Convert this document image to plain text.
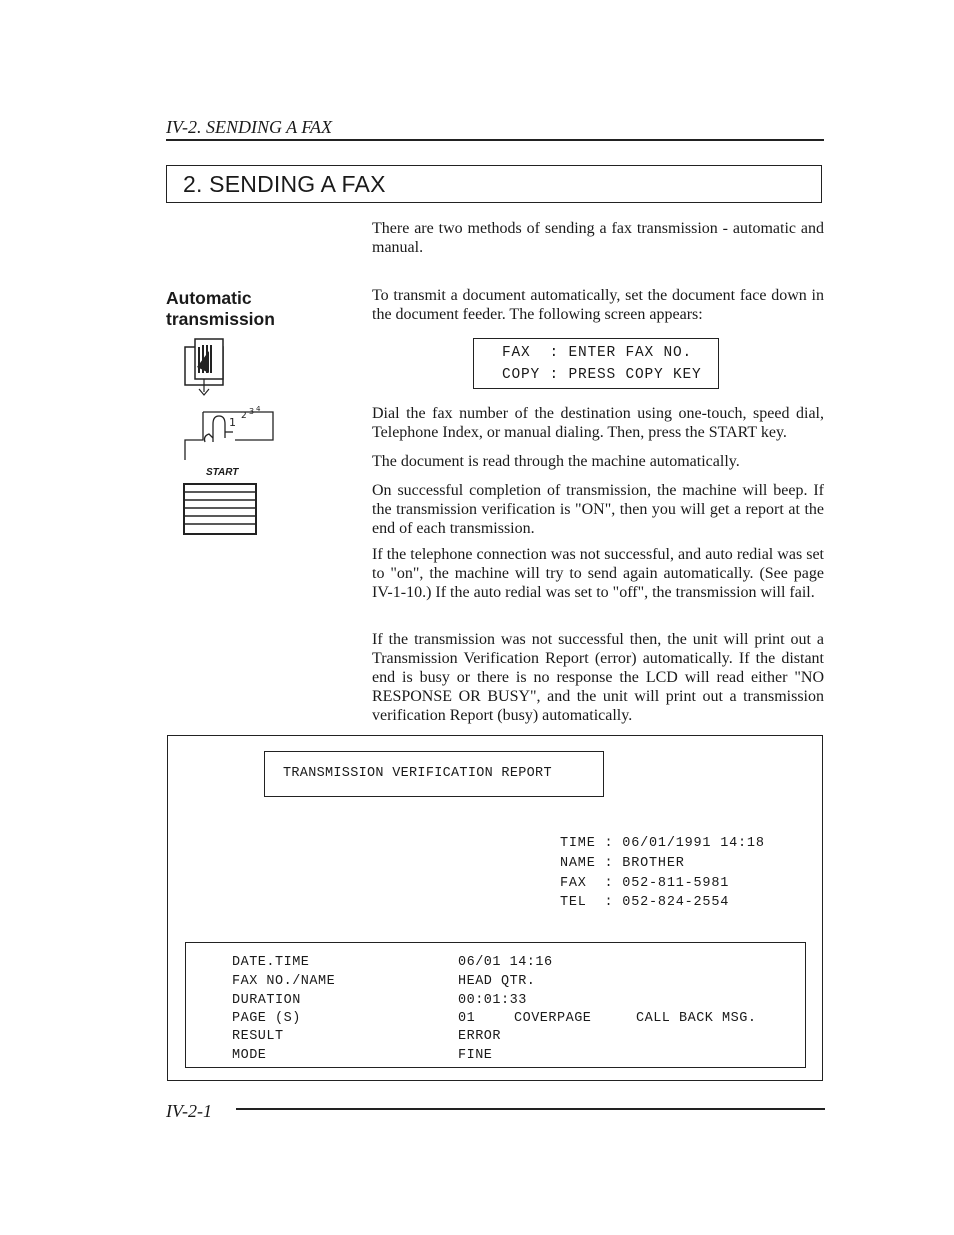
IV-2. SENDING A FAX
2. SENDING A FAX
There are two methods of sending a fax transmission - automatic and manual.
Automatic transmission
To transmit a document automatically, set the document face down in the document feeder. The following screen appears:
FAX  : ENTER FAX NO.
COPY : PRESS COPY KEY
1 2 3 4
START
Dial the fax number of the destination using one-touch, speed dial, Telephone Index, or manual dialing. Then, press the START key.
The document is read through the machine automatically.
On successful completion of transmission, the machine will beep. If the transmission verification is "ON", then you will get a report at the end of each transmission.
If the telephone connection was not successful, and auto redial was set to "on", the machine will try to send again automatically. (See page IV-1-10.) If the auto redial was set to "off", the transmission will fail.
If the transmission was not successful then, the unit will print out a Transmission Verification Report (error) automatically. If the distant end is busy or there is no response the LCD will read either "NO RESPONSE OR BUSY", and the unit will print out a transmission verification Report (busy) automatically.
TRANSMISSION VERIFICATION REPORT
TIME : 06/01/1991 14:18
NAME : BROTHER
FAX  : 052-811-5981
TEL  : 052-824-2554
DATE.TIME	06/01 14:16
FAX NO./NAME	HEAD QTR.
DURATION	00:01:33
PAGE (S)	01	COVERPAGE	CALL BACK MSG.
RESULT	ERROR
MODE	FINE
IV-2-1
